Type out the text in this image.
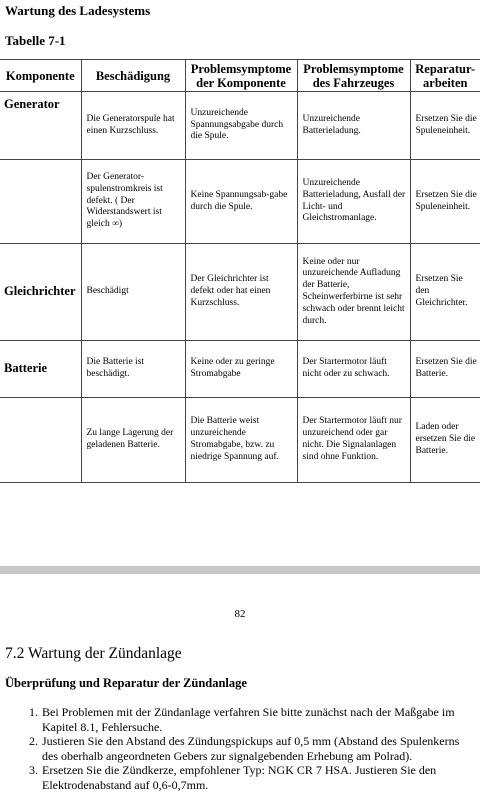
Wartung des Ladesystems
Tabelle 7-1
Komponente	Beschädigung	Problemsymptome der Komponente	Problemsymptome des Fahrzeuges	Reparatur-arbeiten
Generator	Die Generatorspule hat einen Kurzschluss.	Unzureichende Spannungsabgabe durch die Spule.	Unzureichende Batterieladung.	Ersetzen Sie die Spuleneinheit.
	Der Generator-spulenstromkreis ist defekt. ( Der Widerstandswert ist gleich ∞)	Keine Spannungsab-gabe durch die Spule.	Unzureichende Batterieladung, Ausfall der Licht- und Gleichstromanlage.	Ersetzen Sie die Spuleneinheit.
Gleichrichter	Beschädigt	Der Gleichrichter ist defekt oder hat einen Kurzschluss.	Keine oder nur unzureichende Aufladung der Batterie, Scheinwerferbirne ist sehr schwach oder brennt leicht durch.	Ersetzen Sie den Gleichrichter.
Batterie	Die Batterie ist beschädigt.	Keine oder zu geringe Stromabgabe	Der Startermotor läuft nicht oder zu schwach.	Ersetzen Sie die Batterie.
	Zu lange Lagerung der geladenen Batterie.	Die Batterie weist unzureichende Stromabgabe, bzw. zu niedrige Spannung auf.	Der Startermotor läuft nur unzureichend oder gar nicht. Die Signalanlagen sind ohne Funktion.	Laden oder ersetzen Sie die Batterie.
82
7.2 Wartung der Zündanlage
Überprüfung und Reparatur der Zündanlage
1. Bei Problemen mit der Zündanlage verfahren Sie bitte zunächst nach der Maßgabe im Kapitel 8.1, Fehlersuche.
2. Justieren Sie den Abstand des Zündungspickups auf 0,5 mm (Abstand des Spulenkerns des oberhalb angeordneten Gebers zur signalgebenden Erhebung am Polrad).
3. Ersetzen Sie die Zündkerze, empfohlener Typ: NGK CR 7 HSA. Justieren Sie den Elektrodenabstand auf 0,6-0,7mm.
